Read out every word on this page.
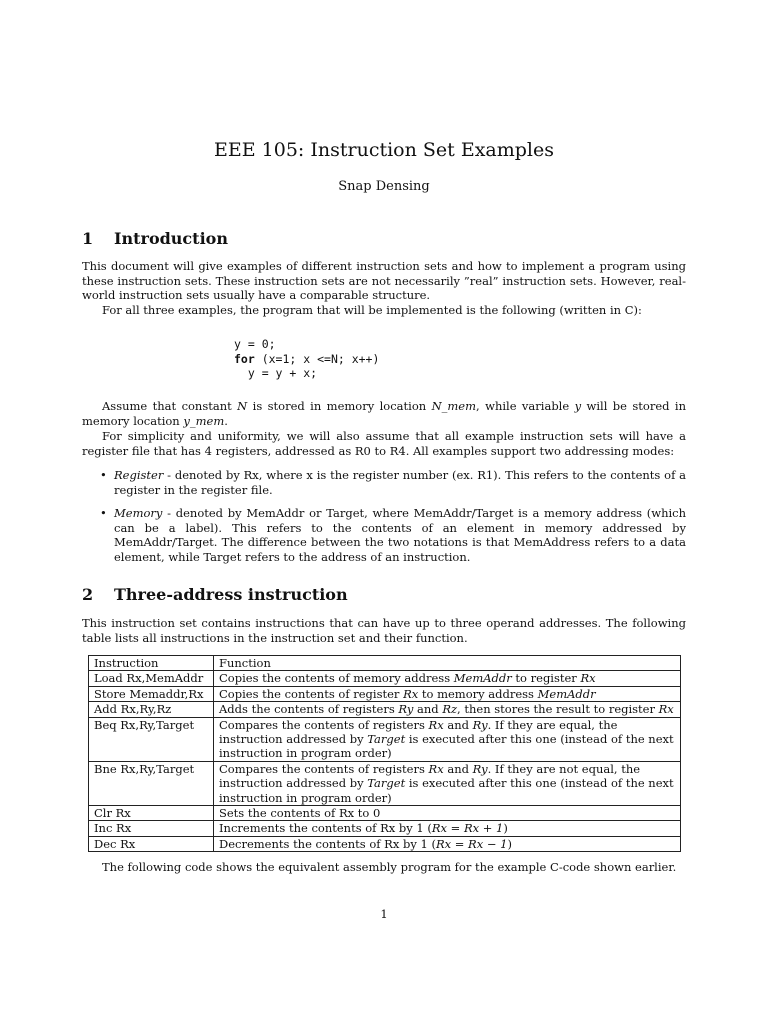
EEE 105: Instruction Set Examples
Snap Densing
1 Introduction
This document will give examples of different instruction sets and how to implement a program using these instruction sets. These instruction sets are not necessarily ”real” instruction sets. However, real-world instruction sets usually have a comparable structure.
For all three examples, the program that will be implemented is the following (written in C):
y = 0;
for (x=1; x <=N; x++)
y = y + x;
Assume that constant N is stored in memory location N_mem, while variable y will be stored in memory location y_mem.
For simplicity and uniformity, we will also assume that all example instruction sets will have a register file that has 4 registers, addressed as R0 to R4. All examples support two addressing modes:
• Register - denoted by Rx, where x is the register number (ex. R1). This refers to the contents of a register in the register file.
• Memory - denoted by MemAddr or Target, where MemAddr/Target is a memory address (which can be a label). This refers to the contents of an element in memory addressed by MemAddr/Target. The difference between the two notations is that MemAddress refers to a data element, while Target refers to the address of an instruction.
2 Three-address instruction
This instruction set contains instructions that can have up to three operand addresses. The following table lists all instructions in the instruction set and their function.
Instruction	Function
Load Rx,MemAddr	Copies the contents of memory address MemAddr to register Rx
Store Memaddr,Rx	Copies the contents of register Rx to memory address MemAddr
Add Rx,Ry,Rz	Adds the contents of registers Ry and Rz, then stores the result to register Rx
Beq Rx,Ry,Target	Compares the contents of registers Rx and Ry. If they are equal, the instruction addressed by Target is executed after this one (instead of the next instruction in program order)
Bne Rx,Ry,Target	Compares the contents of registers Rx and Ry. If they are not equal, the instruction addressed by Target is executed after this one (instead of the next instruction in program order)
Clr Rx	Sets the contents of Rx to 0
Inc Rx	Increments the contents of Rx by 1 (Rx = Rx + 1)
Dec Rx	Decrements the contents of Rx by 1 (Rx = Rx − 1)
The following code shows the equivalent assembly program for the example C-code shown earlier.
1
